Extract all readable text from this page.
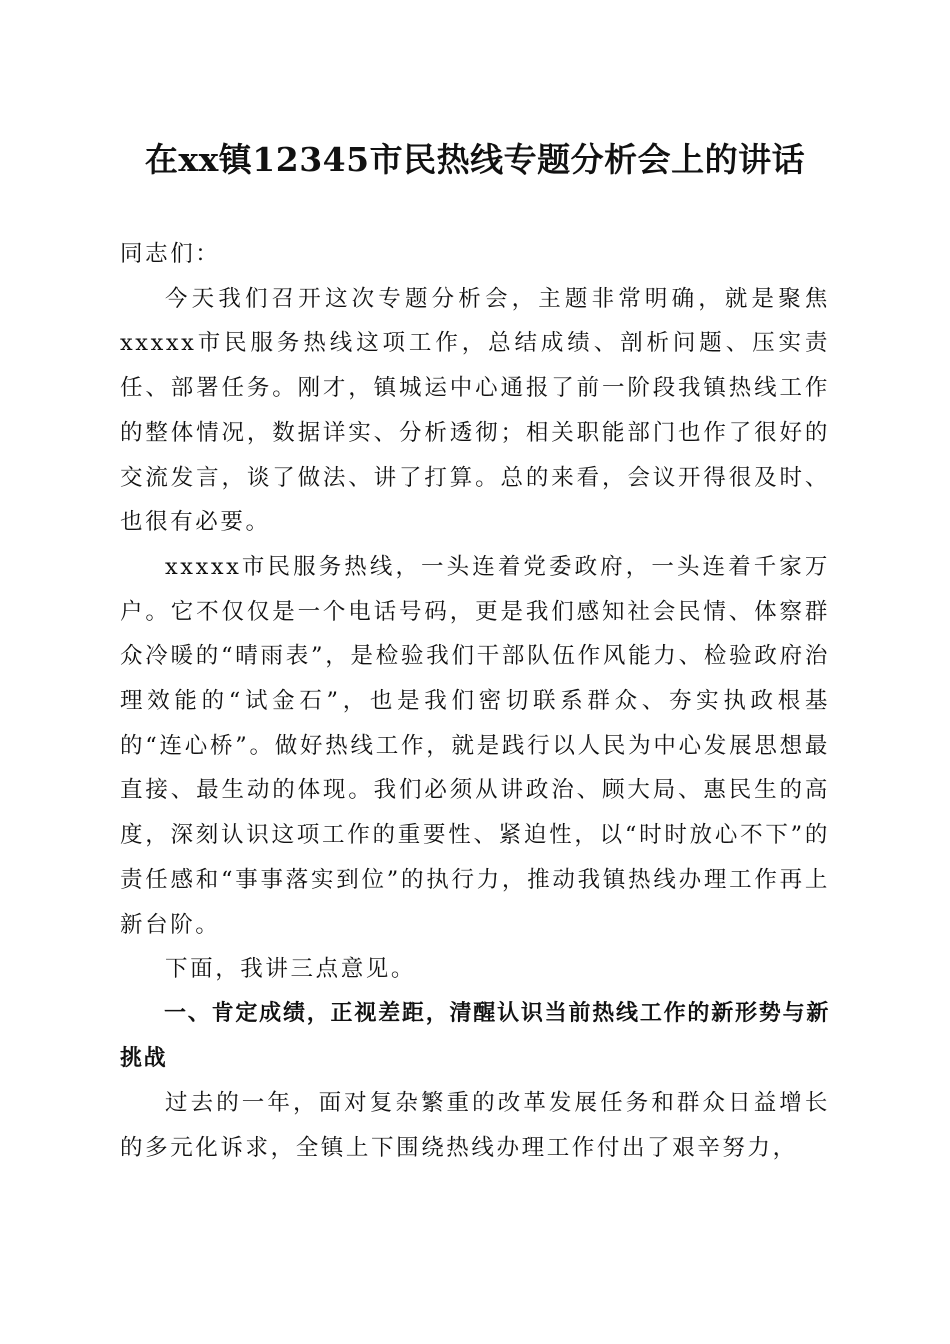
在xx镇12345市民热线专题分析会上的讲话

同志们：

今天我们召开这次专题分析会，主题非常明确，就是聚焦xxxxx市民服务热线这项工作，总结成绩、剖析问题、压实责任、部署任务。刚才，镇城运中心通报了前一阶段我镇热线工作的整体情况，数据详实、分析透彻；相关职能部门也作了很好的交流发言，谈了做法、讲了打算。总的来看，会议开得很及时、也很有必要。

xxxxx市民服务热线，一头连着党委政府，一头连着千家万户。它不仅仅是一个电话号码，更是我们感知社会民情、体察群众冷暖的“晴雨表”，是检验我们干部队伍作风能力、检验政府治理效能的“试金石”，也是我们密切联系群众、夯实执政根基的“连心桥”。做好热线工作，就是践行以人民为中心发展思想最直接、最生动的体现。我们必须从讲政治、顾大局、惠民生的高度，深刻认识这项工作的重要性、紧迫性，以“时时放心不下”的责任感和“事事落实到位”的执行力，推动我镇热线办理工作再上新台阶。

下面，我讲三点意见。

一、肯定成绩，正视差距，清醒认识当前热线工作的新形势与新挑战

过去的一年，面对复杂繁重的改革发展任务和群众日益增长的多元化诉求，全镇上下围绕热线办理工作付出了艰辛努力，
